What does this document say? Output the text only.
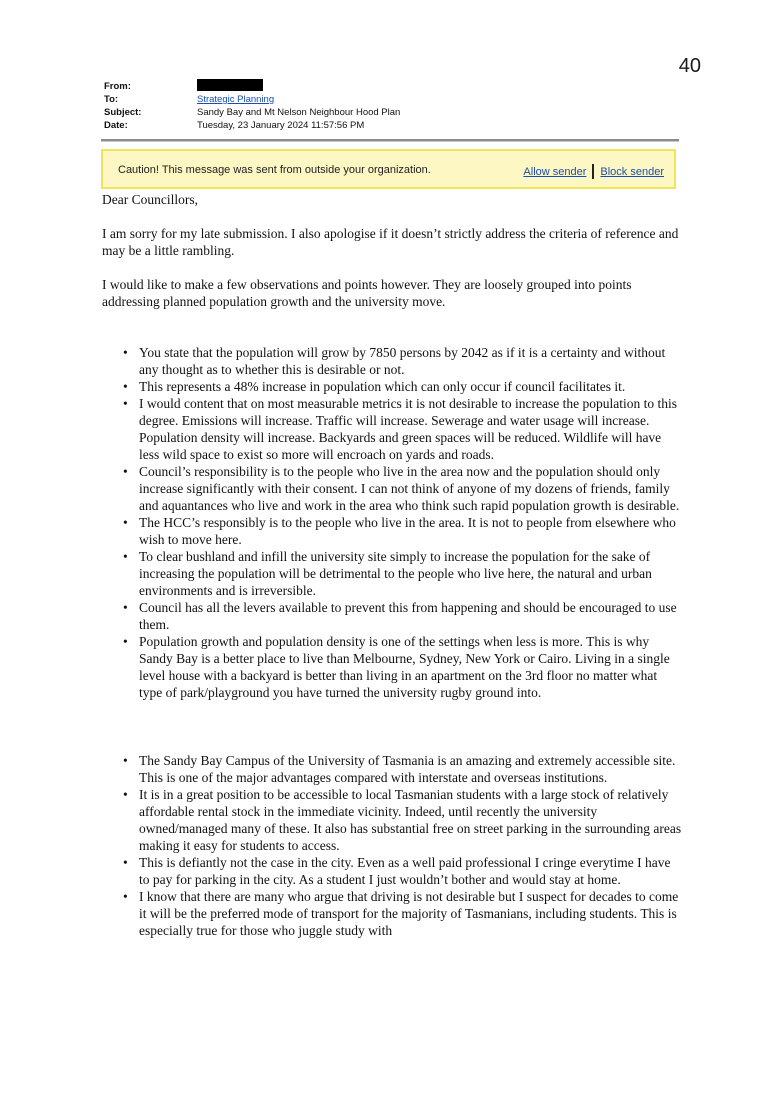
40
From:
To:	Strategic Planning
Subject:	Sandy Bay and Mt Nelson Neighbour Hood Plan
Date:	Tuesday, 23 January 2024 11:57:56 PM
Caution! This message was sent from outside your organization.	Allow sender Block sender

Dear Councillors,

I am sorry for my late submission. I also apologise if it doesn’t strictly address the criteria of reference and may be a little rambling.

I would like to make a few observations and points however. They are loosely grouped into points addressing planned population growth and the university move.

• You state that the population will grow by 7850 persons by 2042 as if it is a certainty and without any thought as to whether this is desirable or not.
• This represents a 48% increase in population which can only occur if council facilitates it.
• I would content that on most measurable metrics it is not desirable to increase the population to this degree. Emissions will increase. Traffic will increase. Sewerage and water usage will increase. Population density will increase. Backyards and green spaces will be reduced. Wildlife will have less wild space to exist so more will encroach on yards and roads.
• Council’s responsibility is to the people who live in the area now and the population should only increase significantly with their consent. I can not think of anyone of my dozens of friends, family and aquantances who live and work in the area who think such rapid population growth is desirable.
• The HCC’s responsibly is to the people who live in the area. It is not to people from elsewhere who wish to move here.
• To clear bushland and infill the university site simply to increase the population for the sake of increasing the population will be detrimental to the people who live here, the natural and urban environments and is irreversible.
• Council has all the levers available to prevent this from happening and should be encouraged to use them.
• Population growth and population density is one of the settings when less is more. This is why Sandy Bay is a better place to live than Melbourne, Sydney, New York or Cairo. Living in a single level house with a backyard is better than living in an apartment on the 3rd floor no matter what type of park/playground you have turned the university rugby ground into.
• The Sandy Bay Campus of the University of Tasmania is an amazing and extremely accessible site. This is one of the major advantages compared with interstate and overseas institutions.
• It is in a great position to be accessible to local Tasmanian students with a large stock of relatively affordable rental stock in the immediate vicinity. Indeed, until recently the university owned/managed many of these. It also has substantial free on street parking in the surrounding areas making it easy for students to access.
• This is defiantly not the case in the city. Even as a well paid professional I cringe everytime I have to pay for parking in the city. As a student I just wouldn’t bother and would stay at home.
• I know that there are many who argue that driving is not desirable but I suspect for decades to come it will be the preferred mode of transport for the majority of Tasmanians, including students. This is especially true for those who juggle study with
